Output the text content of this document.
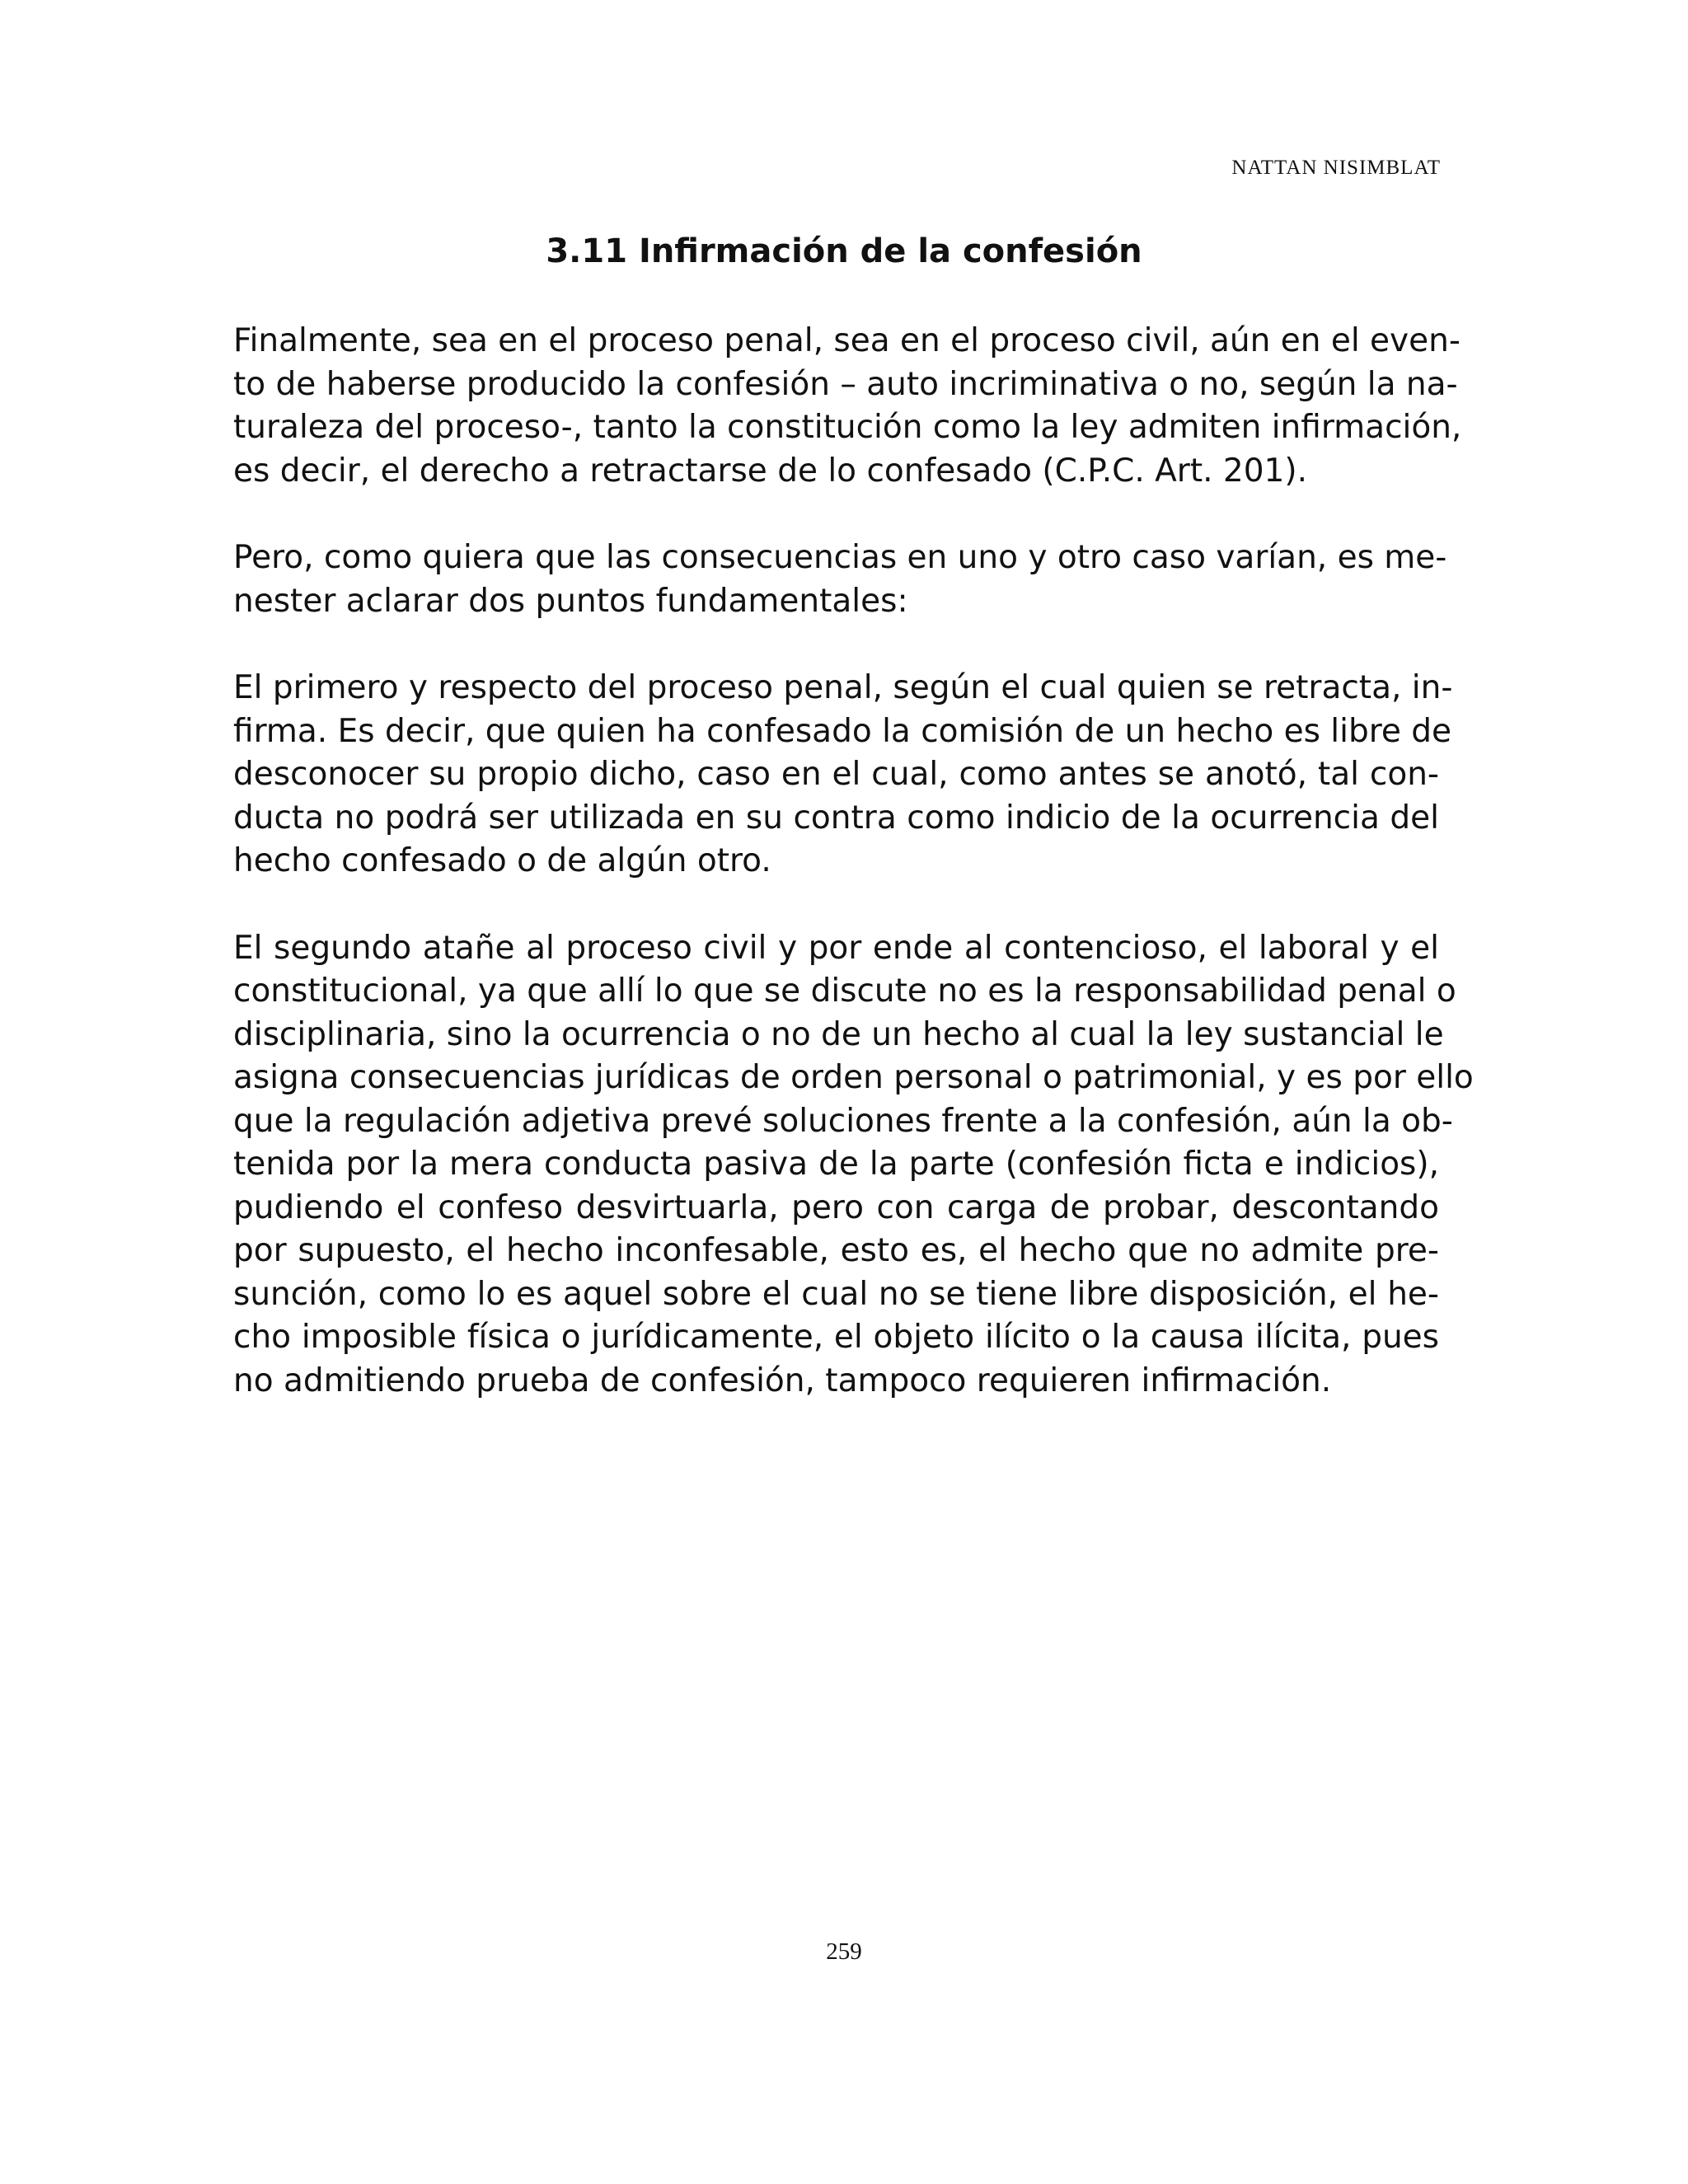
NATTAN NISIMBLAT
3.11 Infirmación de la confesión

Finalmente, sea en el proceso penal, sea en el proceso civil, aún en el even-
to de haberse producido la confesión – auto incriminativa o no, según la na-
turaleza del proceso-, tanto la constitución como la ley admiten infirmación,
es decir, el derecho a retractarse de lo confesado (C.P.C. Art. 201).

Pero, como quiera que las consecuencias en uno y otro caso varían, es me-
nester aclarar dos puntos fundamentales:

El primero y respecto del proceso penal, según el cual quien se retracta, in-
firma. Es decir, que quien ha confesado la comisión de un hecho es libre de
desconocer su propio dicho, caso en el cual, como antes se anotó, tal con-
ducta no podrá ser utilizada en su contra como indicio de la ocurrencia del
hecho confesado o de algún otro.

El segundo atañe al proceso civil y por ende al contencioso, el laboral y el
constitucional, ya que allí lo que se discute no es la responsabilidad penal o
disciplinaria, sino la ocurrencia o no de un hecho al cual la ley sustancial le
asigna consecuencias jurídicas de orden personal o patrimonial, y es por ello
que la regulación adjetiva prevé soluciones frente a la confesión, aún la ob-
tenida por la mera conducta pasiva de la parte (confesión ficta e indicios),
pudiendo el confeso desvirtuarla, pero con carga de probar, descontando
por supuesto, el hecho inconfesable, esto es, el hecho que no admite pre-
sunción, como lo es aquel sobre el cual no se tiene libre disposición, el he-
cho imposible física o jurídicamente, el objeto ilícito o la causa ilícita, pues
no admitiendo prueba de confesión, tampoco requieren infirmación.

259
